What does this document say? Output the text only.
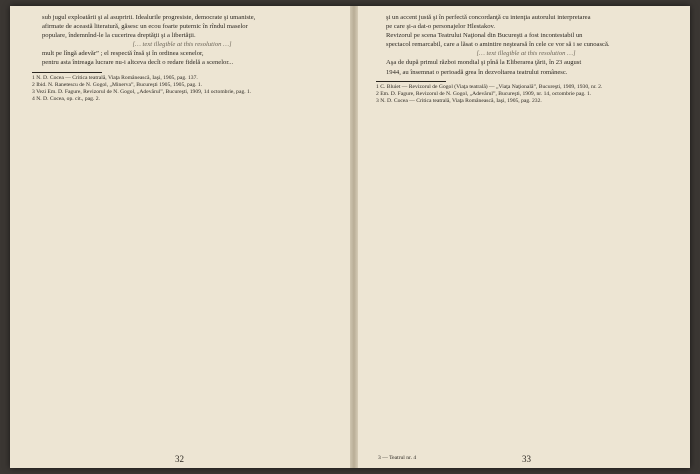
sub jugul exploatării şi al asupririi. Idealurile progresiste, democrate şi umaniste,

afirmate de această literatură, găsesc un ecou foarte puternic în rîndul maselor

populare, îndemnînd-le la cucerirea dreptăţii şi a libertăţii.

[… text illegible at this resolution …]

mult pe lîngă adevăr” ; el respectă însă şi în ordinea scenelor,

pentru asta întreaga lucrare nu-i altceva decît o redare fidelă a scenelor...

1 N. D. Cocea — Critica teatrală, Viaţa Românească, Iaşi, 1905, pag. 137.
2 Ibid. N. Ranetescu de N. Gogol, „Minerva”, Bucureşti 1905, 1905, pag. 1.
3 Vezi Em. D. Fagure, Revizorul de N. Gogol, „Adevărul”, Bucureşti, 1909, 14 octombrie, pag. 1.
4 N. D. Cocea, op. cit., pag. 2.

şi un accent justă şi în perfectă concordanţă cu intenţia autorului interpretarea

pe care şi-a dat-o personajelor Hlestakov.

Revizorul pe scena Teatrului Naţional din Bucureşti a fost incontestabil un

spectacol remarcabil, care a lăsat o amintire neştearsă în cele ce vor să i se cunoască.

[… text illegible at this resolution …]

Aşa de după primul război mondial şi pînă la Eliberarea ţării, în 23 august

1944, au însemnat o perioadă grea în dezvoltarea teatrului românesc.

1 C. Bluiet — Revizorul de Gogol (Viaţa teatrală) — „Viaţa Naţională”, Bucureşti, 1909, 1930, nr. 2.
2 Em. D. Fagure, Revizorul de N. Gogol, „Adevărul”, Bucureşti, 1909, nr. 14, octombrie pag. 1.
3 N. D. Cocea — Critica teatrală, Viaţa Românească, Iaşi, 1905, pag. 232.
32	3 — Teatrul nr. 4	33
